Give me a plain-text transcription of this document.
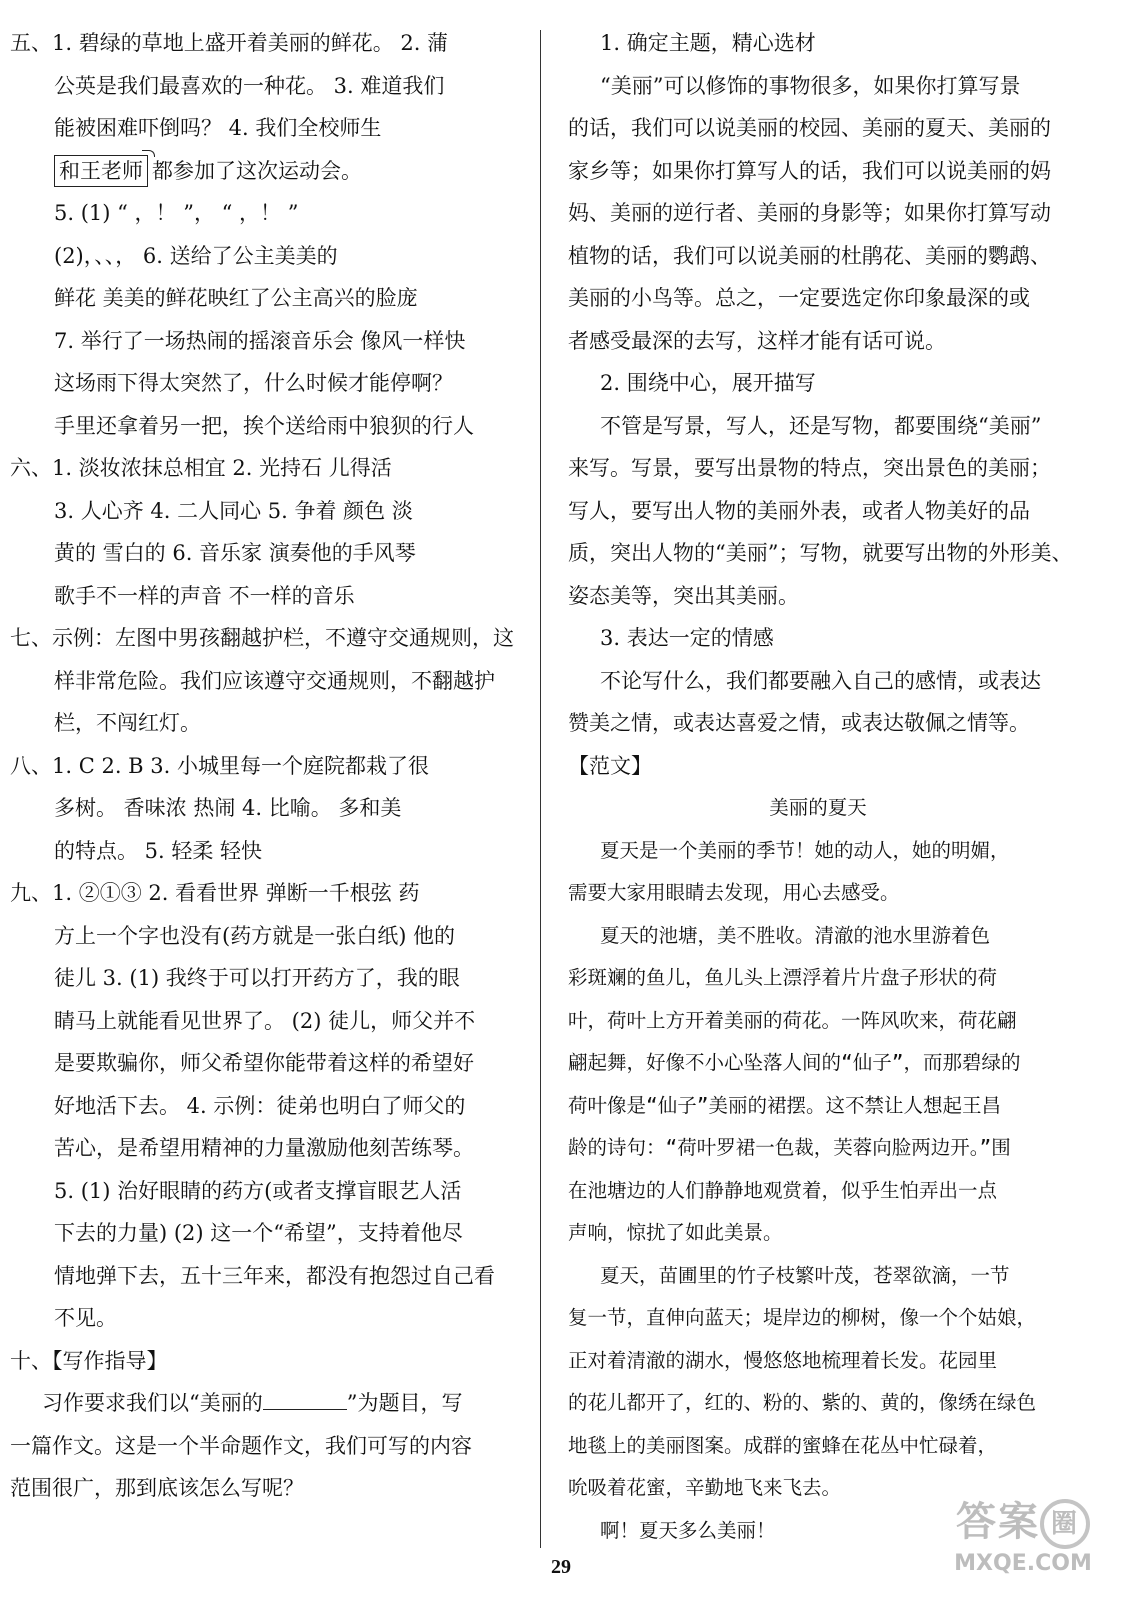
五、1. 碧绿的草地上盛开着美丽的鲜花。 2. 蒲
公英是我们最喜欢的一种花。 3. 难道我们
能被困难吓倒吗？ 4. 我们全校师生
和王老师 都参加了这次运动会。
5. (1) “ ，！ ”， “ ，！ ”
(2)，、、， 6. 送给了公主美美的
鲜花 美美的鲜花映红了公主高兴的脸庞
7. 举行了一场热闹的摇滚音乐会 像风一样快
这场雨下得太突然了，什么时候才能停啊？
手里还拿着另一把，挨个送给雨中狼狈的行人
六、1. 淡妆浓抹总相宜 2. 光持石 儿得活
3. 人心齐 4. 二人同心 5. 争着 颜色 淡
黄的 雪白的 6. 音乐家 演奏他的手风琴
歌手不一样的声音 不一样的音乐
七、示例：左图中男孩翻越护栏，不遵守交通规则，这
样非常危险。我们应该遵守交通规则，不翻越护
栏，不闯红灯。
八、1. C 2. B 3. 小城里每一个庭院都栽了很
多树。 香味浓 热闹 4. 比喻。 多和美
的特点。 5. 轻柔 轻快
九、1. ②①③ 2. 看看世界 弹断一千根弦 药
方上一个字也没有(药方就是一张白纸) 他的
徒儿 3. (1) 我终于可以打开药方了，我的眼
睛马上就能看见世界了。 (2) 徒儿，师父并不
是要欺骗你，师父希望你能带着这样的希望好
好地活下去。 4. 示例：徒弟也明白了师父的
苦心，是希望用精神的力量激励他刻苦练琴。
5. (1) 治好眼睛的药方(或者支撑盲眼艺人活
下去的力量) (2) 这一个“希望”，支持着他尽
情地弹下去，五十三年来，都没有抱怨过自己看
不见。
十、【写作指导】
习作要求我们以“美丽的	”为题目，写
一篇作文。这是一个半命题作文，我们可写的内容
范围很广，那到底该怎么写呢？
1. 确定主题，精心选材
“美丽”可以修饰的事物很多，如果你打算写景
的话，我们可以说美丽的校园、美丽的夏天、美丽的
家乡等；如果你打算写人的话，我们可以说美丽的妈
妈、美丽的逆行者、美丽的身影等；如果你打算写动
植物的话，我们可以说美丽的杜鹃花、美丽的鹦鹉、
美丽的小鸟等。总之，一定要选定你印象最深的或
者感受最深的去写，这样才能有话可说。
2. 围绕中心，展开描写
不管是写景，写人，还是写物，都要围绕“美丽”
来写。写景，要写出景物的特点，突出景色的美丽；
写人，要写出人物的美丽外表，或者人物美好的品
质，突出人物的“美丽”；写物，就要写出物的外形美、
姿态美等，突出其美丽。
3. 表达一定的情感
不论写什么，我们都要融入自己的感情，或表达
赞美之情，或表达喜爱之情，或表达敬佩之情等。
【范文】
美丽的夏天
夏天是一个美丽的季节！她的动人，她的明媚，
需要大家用眼睛去发现，用心去感受。
夏天的池塘，美不胜收。清澈的池水里游着色
彩斑斓的鱼儿，鱼儿头上漂浮着片片盘子形状的荷
叶，荷叶上方开着美丽的荷花。一阵风吹来，荷花翩
翩起舞，好像不小心坠落人间的“仙子”，而那碧绿的
荷叶像是“仙子”美丽的裙摆。这不禁让人想起王昌
龄的诗句：“荷叶罗裙一色裁，芙蓉向脸两边开。”围
在池塘边的人们静静地观赏着，似乎生怕弄出一点
声响，惊扰了如此美景。
夏天，苗圃里的竹子枝繁叶茂，苍翠欲滴，一节
复一节，直伸向蓝天；堤岸边的柳树，像一个个姑娘，
正对着清澈的湖水，慢悠悠地梳理着长发。花园里
的花儿都开了，红的、粉的、紫的、黄的，像绣在绿色
地毯上的美丽图案。成群的蜜蜂在花丛中忙碌着，
吮吸着花蜜，辛勤地飞来飞去。
啊！夏天多么美丽！
29
答案 圈
MXQE.COM
